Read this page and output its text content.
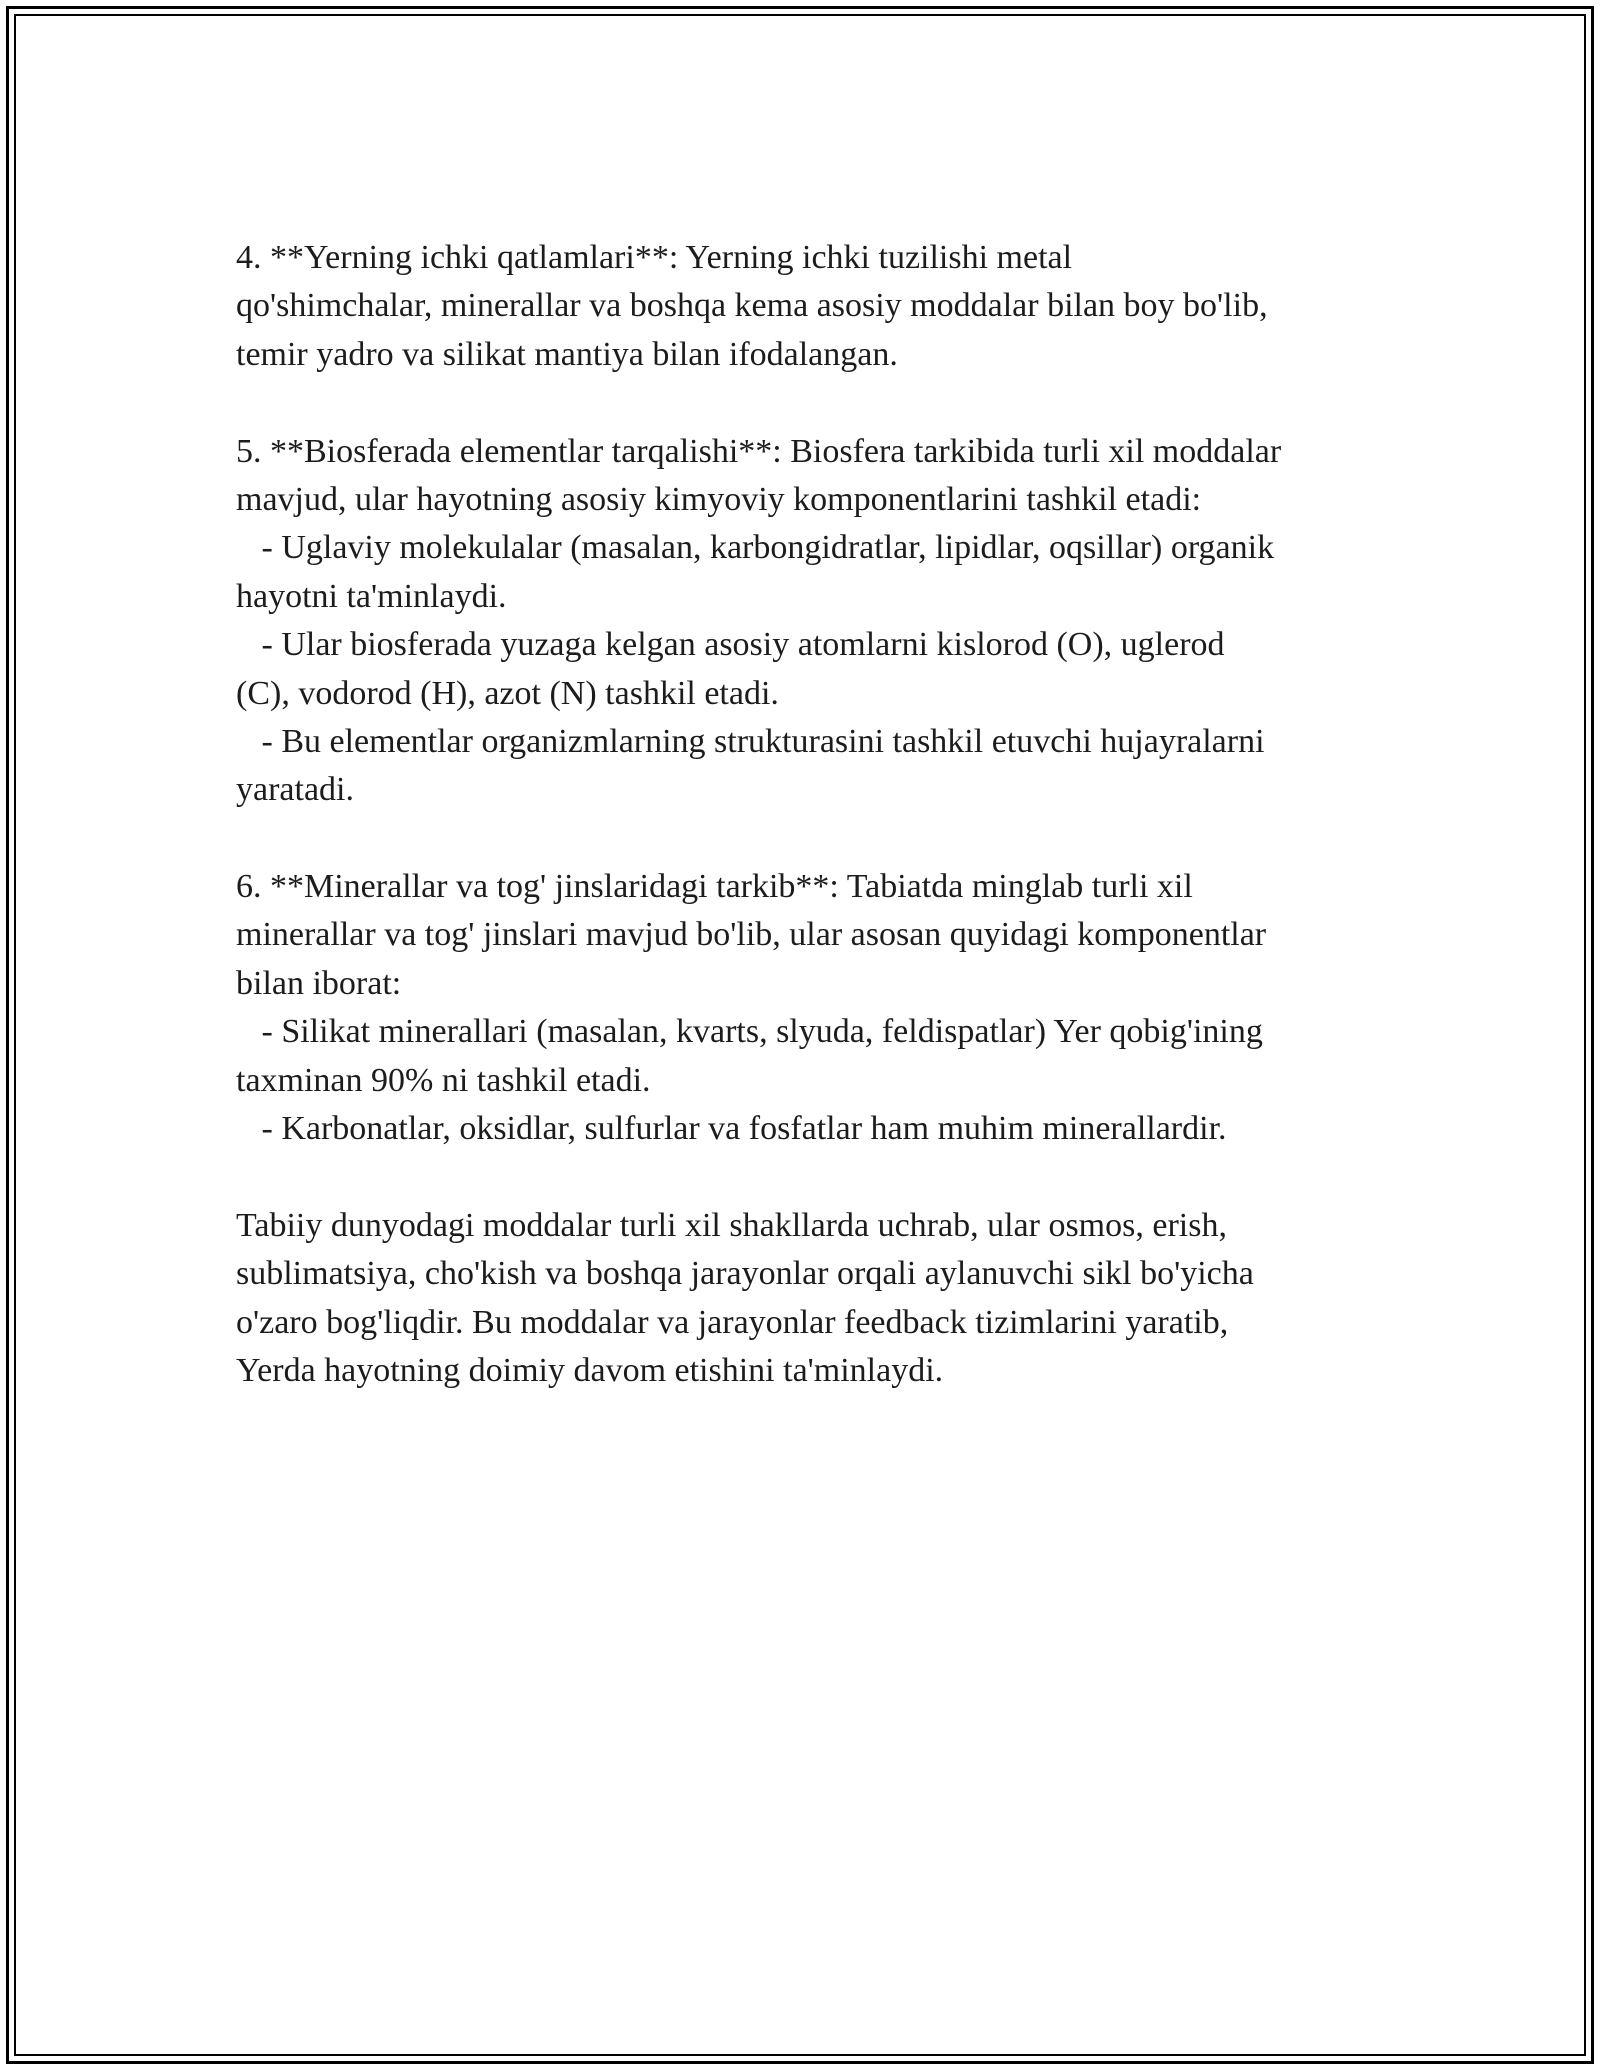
4. **Yerning ichki qatlamlari**: Yerning ichki tuzilishi metal
qo'shimchalar, minerallar va boshqa kema asosiy moddalar bilan boy bo'lib,
temir yadro va silikat mantiya bilan ifodalangan.
5. **Biosferada elementlar tarqalishi**: Biosfera tarkibida turli xil moddalar
mavjud, ular hayotning asosiy kimyoviy komponentlarini tashkil etadi:
- Uglaviy molekulalar (masalan, karbongidratlar, lipidlar, oqsillar) organik
hayotni ta'minlaydi.
- Ular biosferada yuzaga kelgan asosiy atomlarni kislorod (O), uglerod
(C), vodorod (H), azot (N) tashkil etadi.
- Bu elementlar organizmlarning strukturasini tashkil etuvchi hujayralarni
yaratadi.
6. **Minerallar va tog' jinslaridagi tarkib**: Tabiatda minglab turli xil
minerallar va tog' jinslari mavjud bo'lib, ular asosan quyidagi komponentlar
bilan iborat:
- Silikat minerallari (masalan, kvarts, slyuda, feldispatlar) Yer qobig'ining
taxminan 90% ni tashkil etadi.
- Karbonatlar, oksidlar, sulfurlar va fosfatlar ham muhim minerallardir.
Tabiiy dunyodagi moddalar turli xil shakllarda uchrab, ular osmos, erish,
sublimatsiya, cho'kish va boshqa jarayonlar orqali aylanuvchi sikl bo'yicha
o'zaro bog'liqdir. Bu moddalar va jarayonlar feedback tizimlarini yaratib,
Yerda hayotning doimiy davom etishini ta'minlaydi.
